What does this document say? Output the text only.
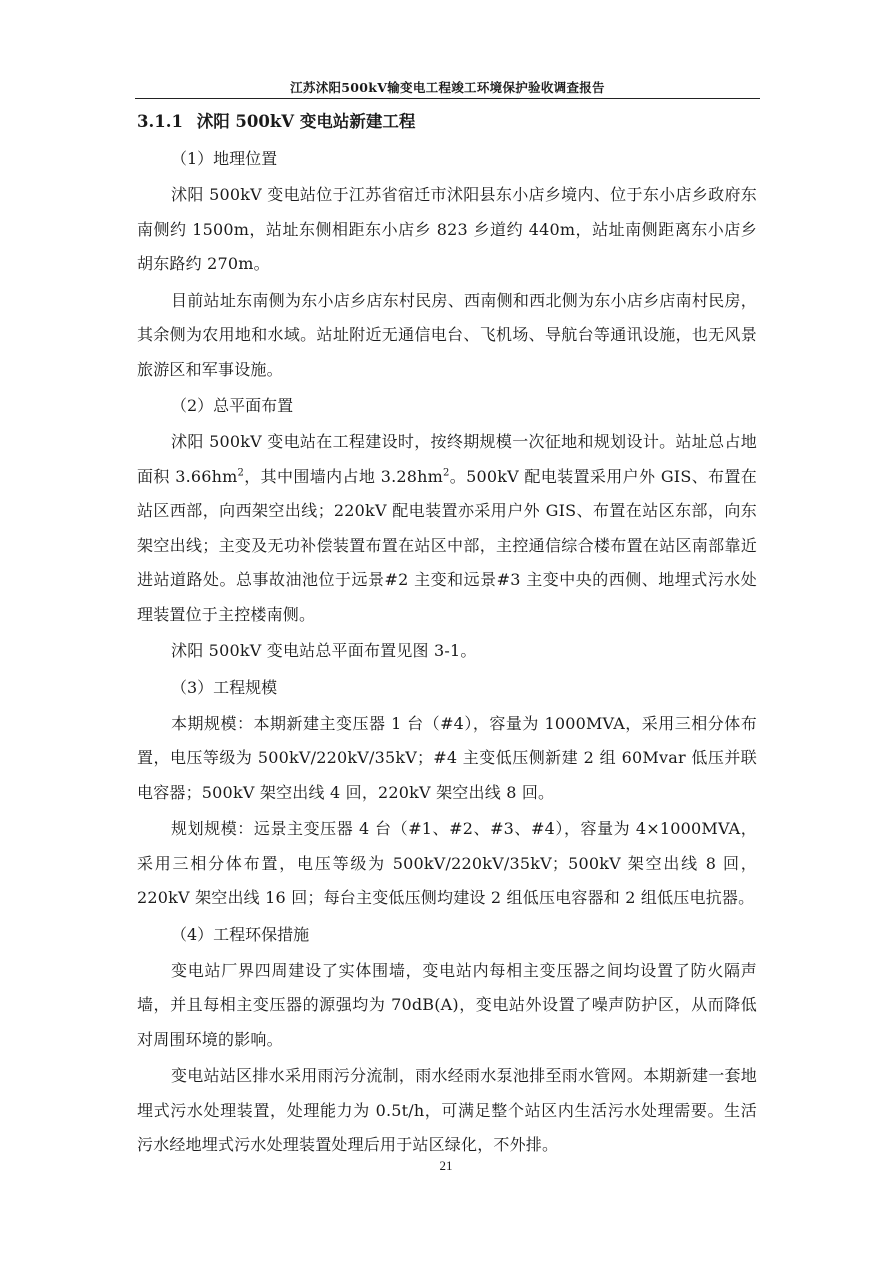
江苏沭阳500kV输变电工程竣工环境保护验收调查报告
3.1.1 沭阳 500kV 变电站新建工程
（1）地理位置

沭阳 500kV 变电站位于江苏省宿迁市沭阳县东小店乡境内、位于东小店乡政府东南侧约 1500m，站址东侧相距东小店乡 823 乡道约 440m，站址南侧距离东小店乡胡东路约 270m。

目前站址东南侧为东小店乡店东村民房、西南侧和西北侧为东小店乡店南村民房，其余侧为农用地和水域。站址附近无通信电台、飞机场、导航台等通讯设施，也无风景旅游区和军事设施。

（2）总平面布置

沭阳 500kV 变电站在工程建设时，按终期规模一次征地和规划设计。站址总占地面积 $3.66hm^2$，其中围墙内占地 $3.28hm^2$。500kV 配电装置采用户外 GIS、布置在站区西部，向西架空出线；220kV 配电装置亦采用户外 GIS、布置在站区东部，向东架空出线；主变及无功补偿装置布置在站区中部，主控通信综合楼布置在站区南部靠近进站道路处。总事故油池位于远景#2 主变和远景#3 主变中央的西侧、地埋式污水处理装置位于主控楼南侧。

沭阳 500kV 变电站总平面布置见图 3-1。

（3）工程规模

本期规模：本期新建主变压器 1 台（#4），容量为 1000MVA，采用三相分体布置，电压等级为 500kV/220kV/35kV；#4 主变低压侧新建 2 组 60Mvar 低压并联电容器；500kV 架空出线 4 回，220kV 架空出线 8 回。

规划规模：远景主变压器 4 台（#1、#2、#3、#4），容量为 4×1000MVA，采用三相分体布置，电压等级为 500kV/220kV/35kV；500kV 架空出线 8 回，220kV 架空出线 16 回；每台主变低压侧均建设 2 组低压电容器和 2 组低压电抗器。

（4）工程环保措施

变电站厂界四周建设了实体围墙，变电站内每相主变压器之间均设置了防火隔声墙，并且每相主变压器的源强均为 70dB(A)，变电站外设置了噪声防护区，从而降低对周围环境的影响。

变电站站区排水采用雨污分流制，雨水经雨水泵池排至雨水管网。本期新建一套地埋式污水处理装置，处理能力为 0.5t/h，可满足整个站区内生活污水处理需要。生活污水经地埋式污水处理装置处理后用于站区绿化，不外排。

21
